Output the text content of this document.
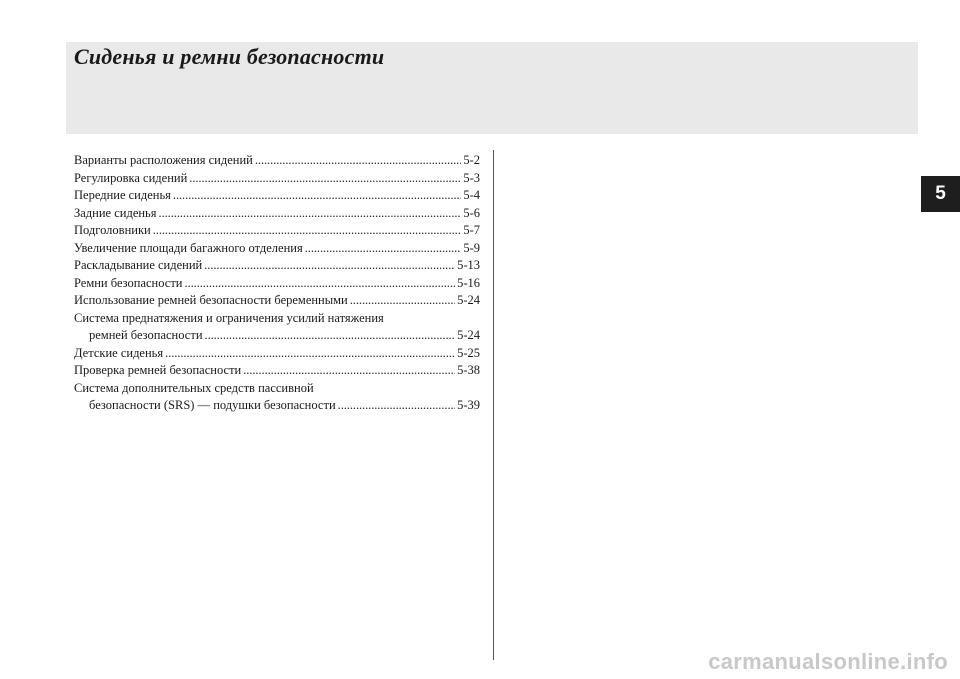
Сиденья и ремни безопасности
5
Варианты расположения сидений . . .	5-2
Регулировка сидений . . .	5-3
Передние сиденья . . .	5-4
Задние сиденья . . .	5-6
Подголовники . . .	5-7
Увеличение площади багажного отделения . . .	5-9
Раскладывание сидений . . .	5-13
Ремни безопасности . . .	5-16
Использование ремней безопасности беременными . . .	5-24
Система преднатяжения и ограничения усилий натяжения
ремней безопасности . . .	5-24
Детские сиденья . . .	5-25
Проверка ремней безопасности . . .	5-38
Система дополнительных средств пассивной
безопасности (SRS) — подушки безопасности . . .	5-39
carmanualsonline.info
